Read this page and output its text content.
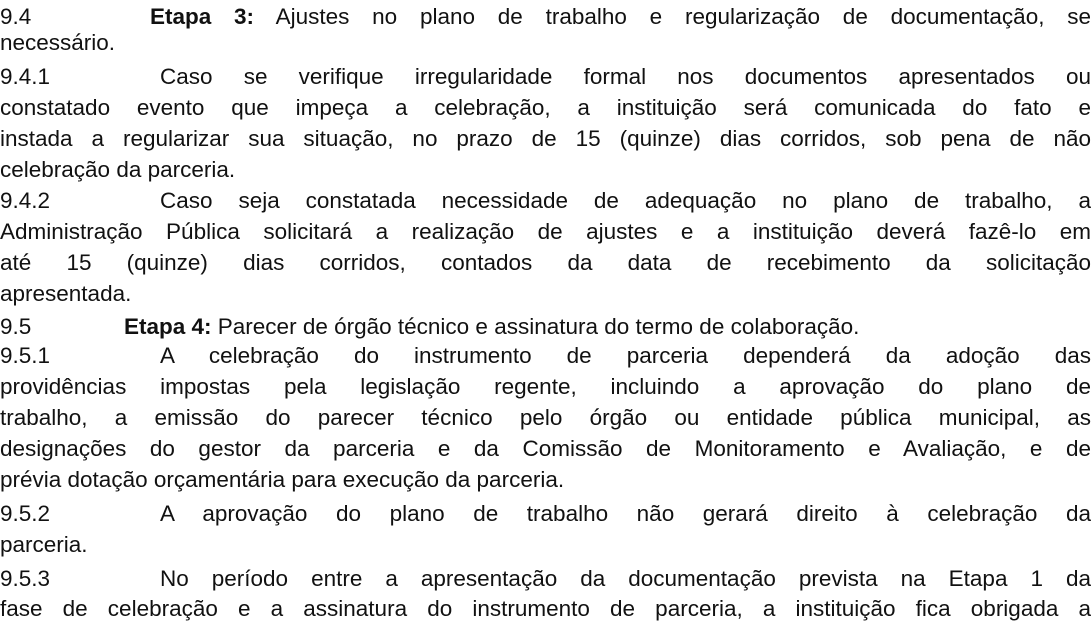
9.4	Etapa 3: Ajustes no plano de trabalho e regularização de documentação, se
necessário.
9.4.1	Caso se verifique irregularidade formal nos documentos apresentados ou
constatado evento que impeça a celebração, a instituição será comunicada do fato e
instada a regularizar sua situação, no prazo de 15 (quinze) dias corridos, sob pena de não
celebração da parceria.
9.4.2	Caso seja constatada necessidade de adequação no plano de trabalho, a
Administração Pública solicitará a realização de ajustes e a instituição deverá fazê-lo em
até 15 (quinze) dias corridos, contados da data de recebimento da solicitação
apresentada.
9.5	Etapa 4: Parecer de órgão técnico e assinatura do termo de colaboração.
9.5.1	A celebração do instrumento de parceria dependerá da adoção das
providências impostas pela legislação regente, incluindo a aprovação do plano de
trabalho, a emissão do parecer técnico pelo órgão ou entidade pública municipal, as
designações do gestor da parceria e da Comissão de Monitoramento e Avaliação, e de
prévia dotação orçamentária para execução da parceria.
9.5.2	A aprovação do plano de trabalho não gerará direito à celebração da
parceria.
9.5.3	No período entre a apresentação da documentação prevista na Etapa 1 da
fase de celebração e a assinatura do instrumento de parceria, a instituição fica obrigada a
